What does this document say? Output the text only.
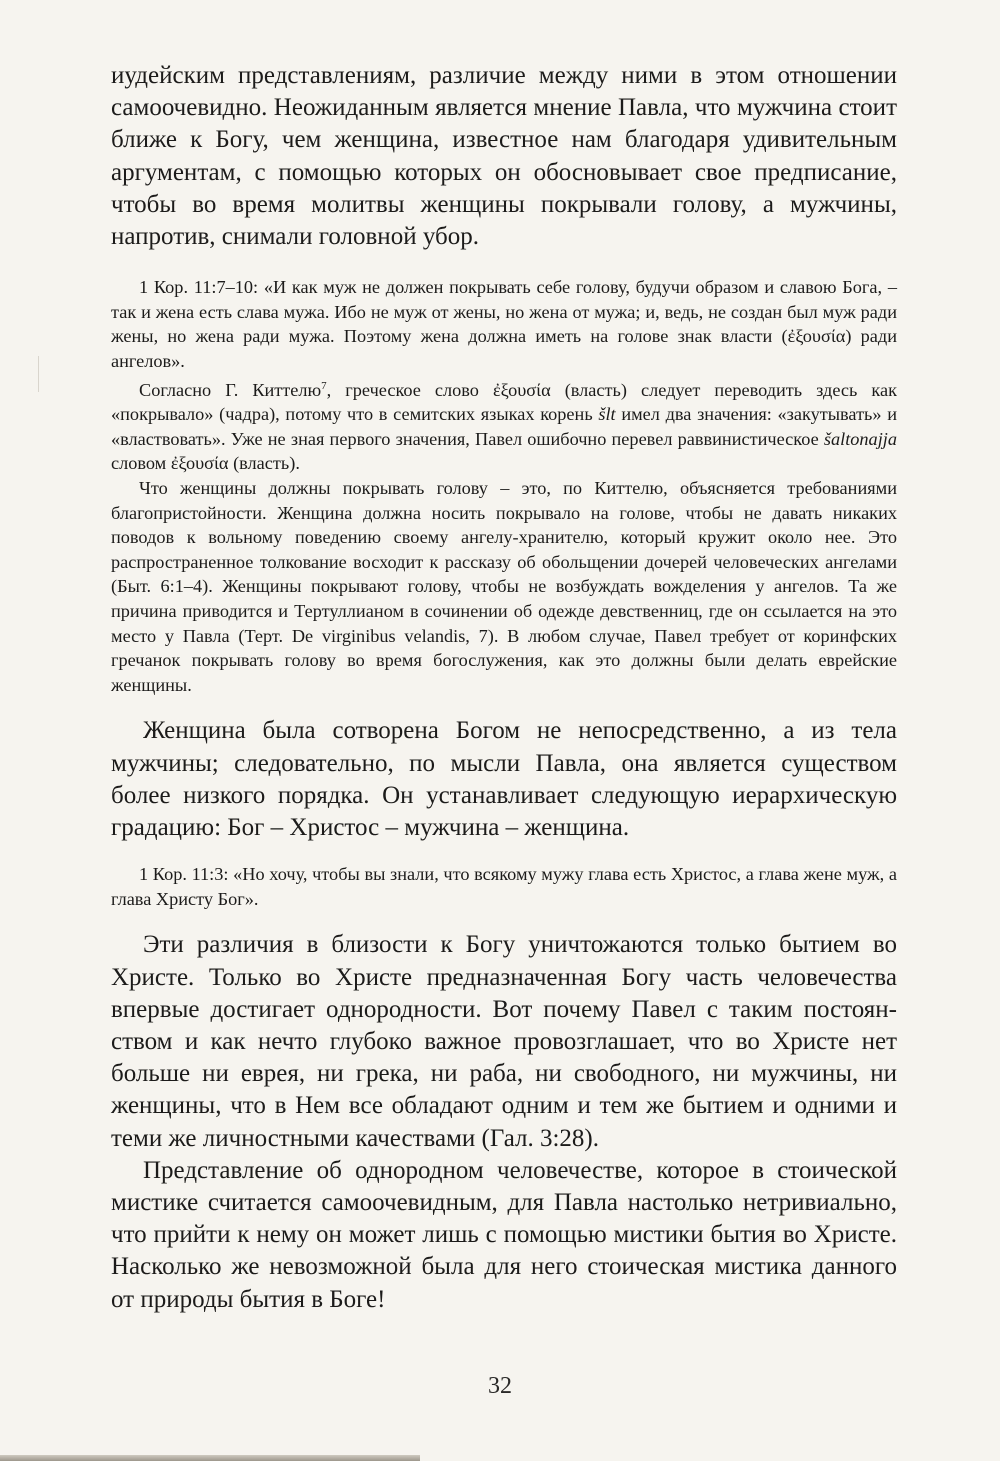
иудейским представлениям, различие между ними в этом отношении самоочевидно. Неожиданным является мнение Павла, что мужчина стоит ближе к Богу, чем женщина, известное нам благодаря удивительным аргументам, с помощью которых он обосновывает свое предписание, чтобы во время молитвы женщины покрывали голову, а мужчины, напротив, снимали головной убор.

1 Кор. 11:7–10: «И как муж не должен покрывать себе голову, будучи образом и славою Бога, – так и жена есть слава мужа. Ибо не муж от жены, но жена от мужа; и, ведь, не создан был муж ради жены, но жена ради мужа. Поэтому жена должна иметь на голове знак власти (ἐξουσία) ради ангелов».

Согласно Г. Киттелю$^7$, греческое слово ἐξουσία (власть) следует переводить здесь как «покрывало» (чадра), потому что в семитских языках корень šlt имел два значения: «закутывать» и «властвовать». Уже не зная первого значения, Павел ошибочно перевел раввинистическое šaltonajja словом ἐξουσία (власть).

Что женщины должны покрывать голову – это, по Киттелю, объясняется требованиями благопристойности. Женщина должна носить покрывало на голове, чтобы не давать никаких поводов к вольному поведению своему ангелу-хранителю, который кружит около нее. Это распространенное толкование восходит к рассказу об обольщении дочерей человеческих ангелами (Быт. 6:1–4). Женщины покрывают голову, чтобы не возбуждать вожделения у ангелов. Та же причина приводится и Тертуллианом в сочинении об одежде девственниц, где он ссылается на это место у Павла (Терт. De virginibus velandis, 7). В любом случае, Павел требует от коринфских гречанок покрывать голову во время богослужения, как это должны были делать еврейские женщины.

Женщина была сотворена Богом не непосредственно, а из тела мужчины; следовательно, по мысли Павла, она является существом более низкого порядка. Он устанавливает следующую иерархическую градацию: Бог – Христос – мужчина – женщина.

1 Кор. 11:3: «Но хочу, чтобы вы знали, что всякому мужу глава есть Христос, а глава жене муж, а глава Христу Бог».

Эти различия в близости к Богу уничтожаются только бытием во Христе. Только во Христе предназначенная Богу часть человечества впервые достигает однородности. Вот почему Павел с таким постоянством и как нечто глубоко важное провозглашает, что во Христе нет больше ни еврея, ни грека, ни раба, ни свободного, ни мужчины, ни женщины, что в Нем все обладают одним и тем же бытием и одними и теми же личностными качествами (Гал. 3:28).

Представление об однородном человечестве, которое в стоической мистике считается самоочевидным, для Павла настолько нетривиально, что прийти к нему он может лишь с помощью мистики бытия во Христе. Насколько же невозможной была для него стоическая мистика данного от природы бытия в Боге!

32
